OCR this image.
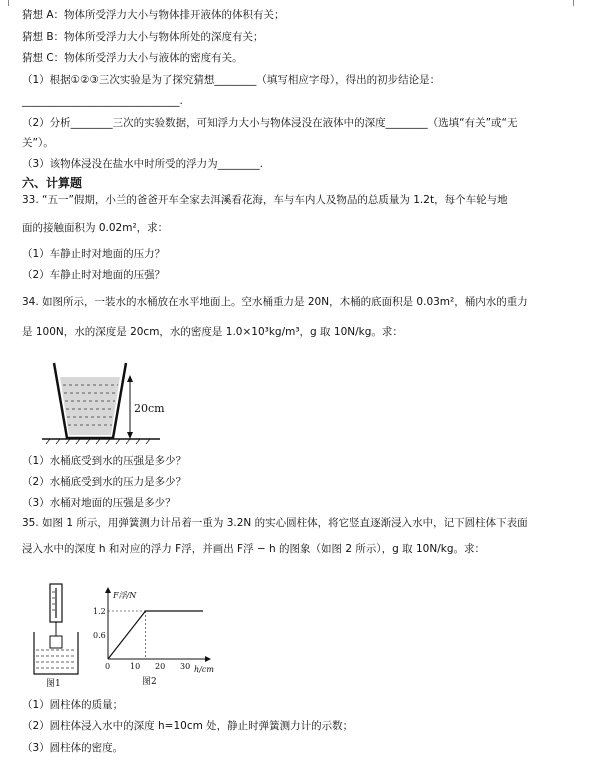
猜想 A：物体所受浮力大小与物体排开液体的体积有关；
猜想 B：物体所受浮力大小与物体所处的深度有关；
猜想 C：物体所受浮力大小与液体的密度有关。
（1）根据①②③三次实验是为了探究猜想________（填写相应字母），得出的初步结论是：
______________________________.
（2）分析________三次的实验数据，可知浮力大小与物体浸没在液体中的深度________（选填“有关”或“无
关”）。
（3）该物体浸没在盐水中时所受的浮力为________.
六、计算题
33. “五一”假期，小兰的爸爸开车全家去洱溪看花海，车与车内人及物品的总质量为 1.2t，每个车轮与地
面的接触面积为 0.02m²，求：
（1）车静止时对地面的压力？
（2）车静止时对地面的压强？
34. 如图所示，一装水的水桶放在水平地面上。空水桶重力是 20N，木桶的底面积是 0.03m²，桶内水的重力
是 100N，水的深度是 20cm，水的密度是 1.0×10³kg/m³，g 取 10N/kg。求：
20cm
（1）水桶底受到水的压强是多少？
（2）水桶底受到水的压力是多少？
（3）水桶对地面的压强是多少？
35. 如图 1 所示，用弹簧测力计吊着一重为 3.2N 的实心圆柱体，将它竖直逐渐浸入水中，记下圆柱体下表面
浸入水中的深度 h 和对应的浮力 F浮，并画出 F浮 − h 的图象（如图 2 所示），g 取 10N/kg。求：
图1
F浮/N
h/cm
0 10 20 30
0.6
1.2
图2
（1）圆柱体的质量；
（2）圆柱体浸入水中的深度 h=10cm 处，静止时弹簧测力计的示数；
（3）圆柱体的密度。
